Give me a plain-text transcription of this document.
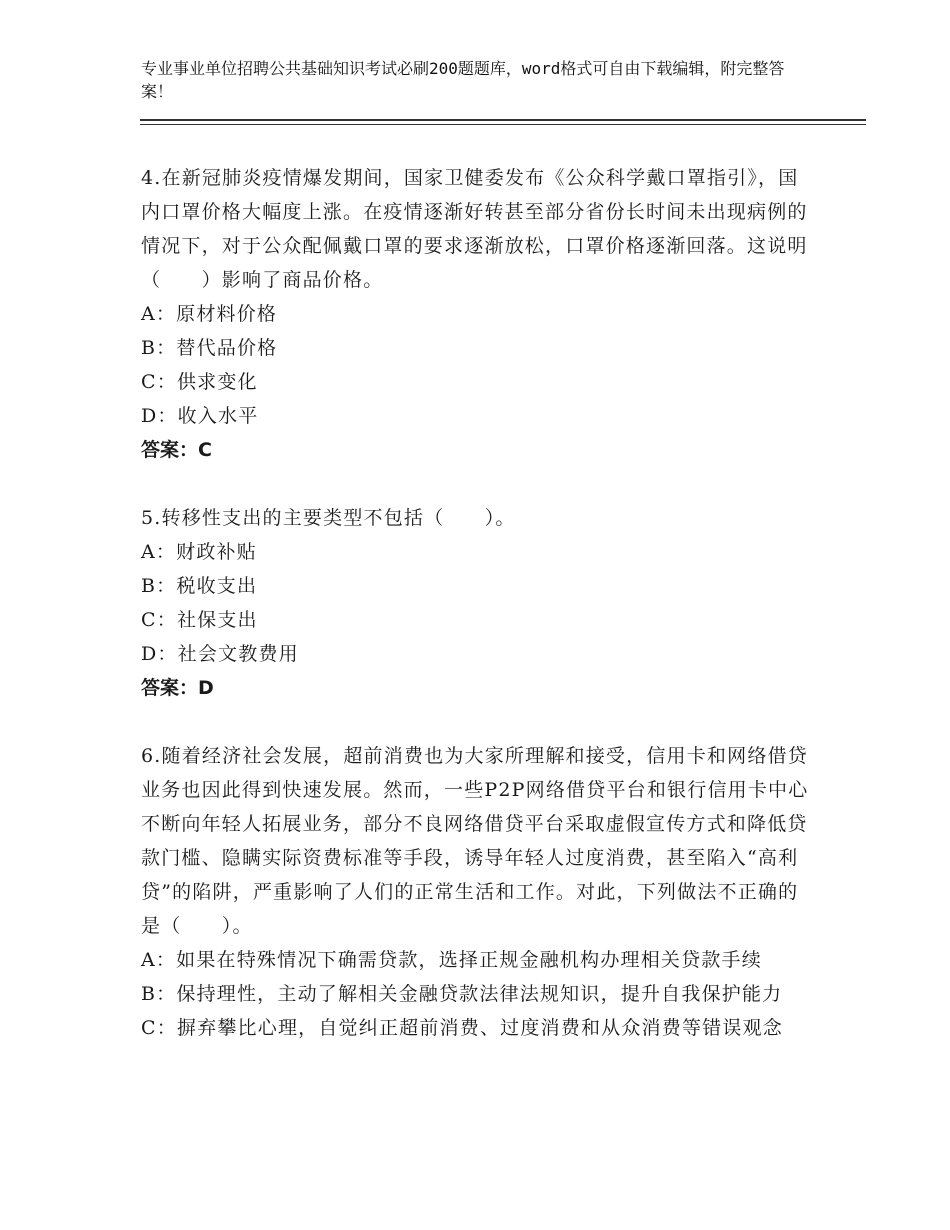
专业事业单位招聘公共基础知识考试必刷200题题库，word格式可自由下载编辑，附完整答案！

4.在新冠肺炎疫情爆发期间，国家卫健委发布《公众科学戴口罩指引》，国内口罩价格大幅度上涨。在疫情逐渐好转甚至部分省份长时间未出现病例的情况下，对于公众配佩戴口罩的要求逐渐放松，口罩价格逐渐回落。这说明（　　）影响了商品价格。

A：原材料价格

B：替代品价格

C：供求变化

D：收入水平

答案：C

5.转移性支出的主要类型不包括（　　）。

A：财政补贴

B：税收支出

C：社保支出

D：社会文教费用

答案：D

6.随着经济社会发展，超前消费也为大家所理解和接受，信用卡和网络借贷业务也因此得到快速发展。然而，一些P2P网络借贷平台和银行信用卡中心不断向年轻人拓展业务，部分不良网络借贷平台采取虚假宣传方式和降低贷款门槛、隐瞒实际资费标准等手段，诱导年轻人过度消费，甚至陷入“高利贷”的陷阱，严重影响了人们的正常生活和工作。对此，下列做法不正确的是（　　）。

A：如果在特殊情况下确需贷款，选择正规金融机构办理相关贷款手续

B：保持理性，主动了解相关金融贷款法律法规知识，提升自我保护能力

C：摒弃攀比心理，自觉纠正超前消费、过度消费和从众消费等错误观念
